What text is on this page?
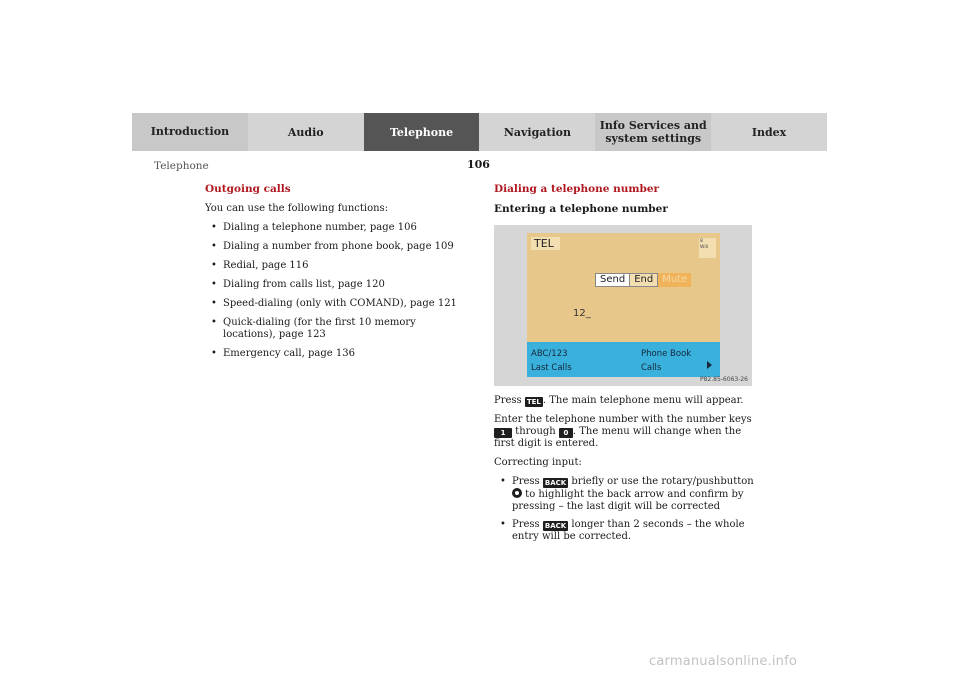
Introduction	Audio	Telephone	Navigation	Info Services and system settings	Index
Telephone	106
Outgoing calls

You can use the following functions:

• Dialing a telephone number, page 106
• Dialing a number from phone book, page 109
• Redial, page 116
• Dialing from calls list, page 120
• Speed-dialing (only with COMAND), page 121
• Quick-dialing (for the first 10 memory locations), page 123
• Emergency call, page 136
Dialing a telephone number
Entering a telephone number
TEL	8
Will
Send End Mute
12_
ABC/123	Phone Book
Last Calls	Calls
P82.85-6063-26

Press TEL . The main telephone menu will appear.

Enter the telephone number with the number keys
1 through 0 . The menu will change when the first digit is entered.

Correcting input:

• Press BACK briefly or use the rotary/pushbutton  to highlight the back arrow and confirm by pressing – the last digit will be corrected
• Press BACK longer than 2 seconds – the whole entry will be corrected.
carmanualsonline.info
